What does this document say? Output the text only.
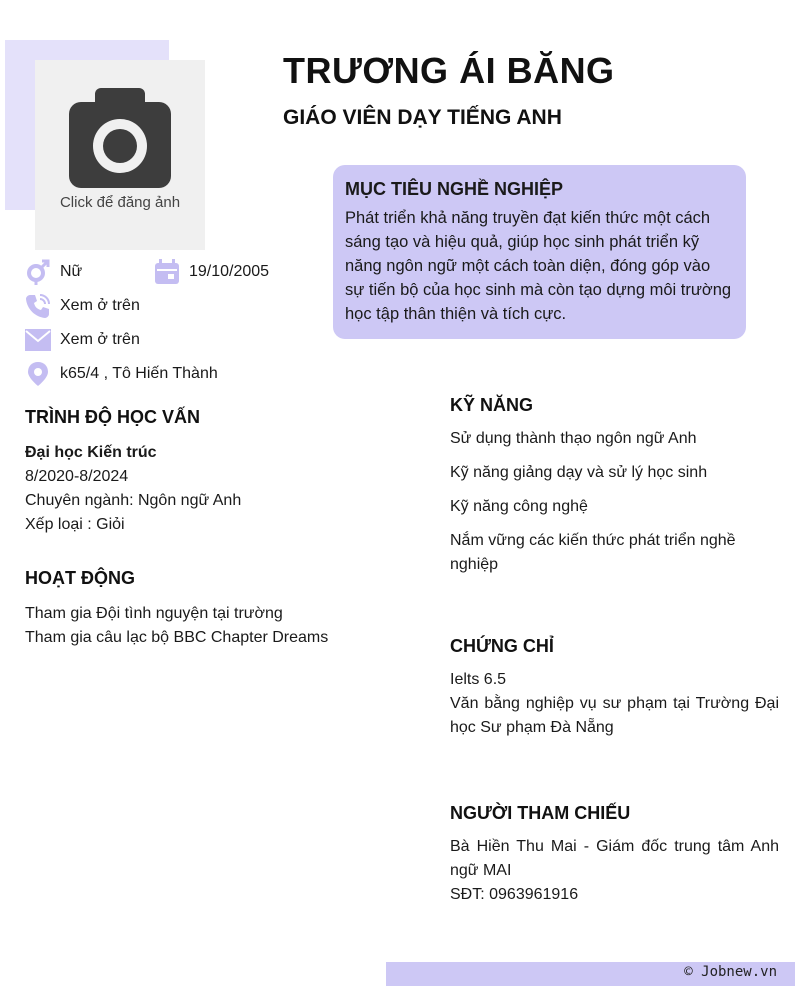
Click để đăng ảnh
TRƯƠNG ÁI BĂNG
GIÁO VIÊN DẠY TIẾNG ANH
MỤC TIÊU NGHỀ NGHIỆP

Phát triển khả năng truyền đạt kiến thức một cách sáng tạo và hiệu quả, giúp học sinh phát triển kỹ năng ngôn ngữ một cách toàn diện, đóng góp vào sự tiến bộ của học sinh mà còn tạo dựng môi trường học tập thân thiện và tích cực.

Nữ	19/10/2005
Xem ở trên
Xem ở trên
k65/4 , Tô Hiến Thành
TRÌNH ĐỘ HỌC VẤN
Đại học Kiến trúc
8/2020-8/2024
Chuyên ngành: Ngôn ngữ Anh
Xếp loại : Giỏi
HOẠT ĐỘNG
Tham gia Đội tình nguyện tại trường
Tham gia câu lạc bộ BBC Chapter Dreams
KỸ NĂNG
Sử dụng thành thạo ngôn ngữ Anh
Kỹ năng giảng dạy và sử lý học sinh
Kỹ năng công nghệ
Nắm vững các kiến thức phát triển nghề nghiệp
CHỨNG CHỈ
Ielts 6.5
Văn bằng nghiệp vụ sư phạm tại Trường Đại học Sư phạm Đà Nẵng
NGƯỜI THAM CHIẾU
Bà Hiền Thu Mai - Giám đốc trung tâm Anh ngữ MAI
SĐT: 0963961916
© Jobnew.vn
